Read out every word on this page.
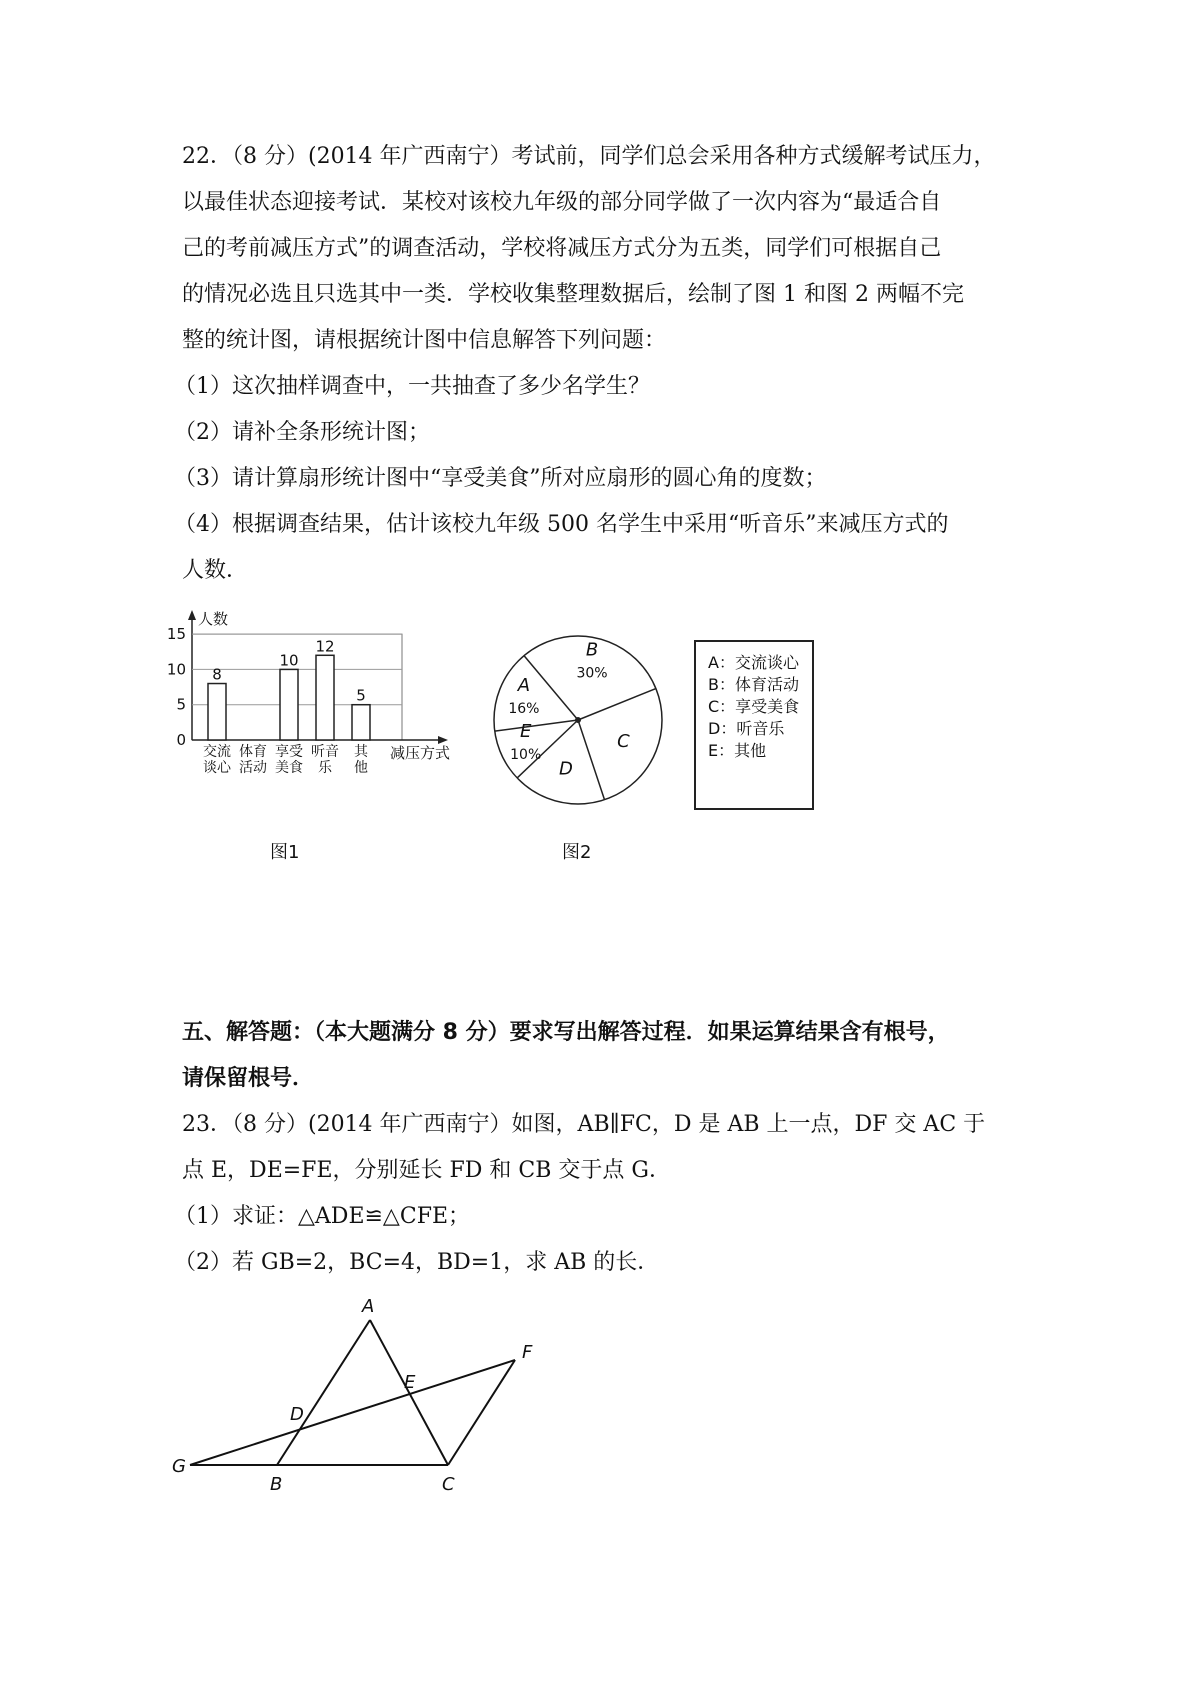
22．（8 分）(2014 年广西南宁）考试前，同学们总会采用各种方式缓解考试压力，
以最佳状态迎接考试．某校对该校九年级的部分同学做了一次内容为“最适合自
己的考前减压方式”的调查活动，学校将减压方式分为五类，同学们可根据自己
的情况必选且只选其中一类．学校收集整理数据后，绘制了图 1 和图 2 两幅不完
整的统计图，请根据统计图中信息解答下列问题：
（1）这次抽样调查中，一共抽查了多少名学生？
（2）请补全条形统计图；
（3）请计算扇形统计图中“享受美食”所对应扇形的圆心角的度数；
（4）根据调查结果，估计该校九年级 500 名学生中采用“听音乐”来减压方式的
人数．
0
5
10
15
人数
减压方式
8
交流
谈心
体育
活动
10
享受
美食
12
听音
乐
5
其
他
图1
B
30%
C
D
E
10%
A
16%
图2
A：交流谈心
B：体育活动
C：享受美食
D：听音乐
E：其他
五、解答题：（本大题满分 8 分）要求写出解答过程．如果运算结果含有根号，
请保留根号．
23．（8 分）(2014 年广西南宁）如图，AB∥FC，D 是 AB 上一点，DF 交 AC 于
点 E，DE=FE，分别延长 FD 和 CB 交于点 G．
（1）求证：△ADE≌△CFE；
（2）若 GB=2，BC=4，BD=1，求 AB 的长．
A
B	C
D
E
F
G
